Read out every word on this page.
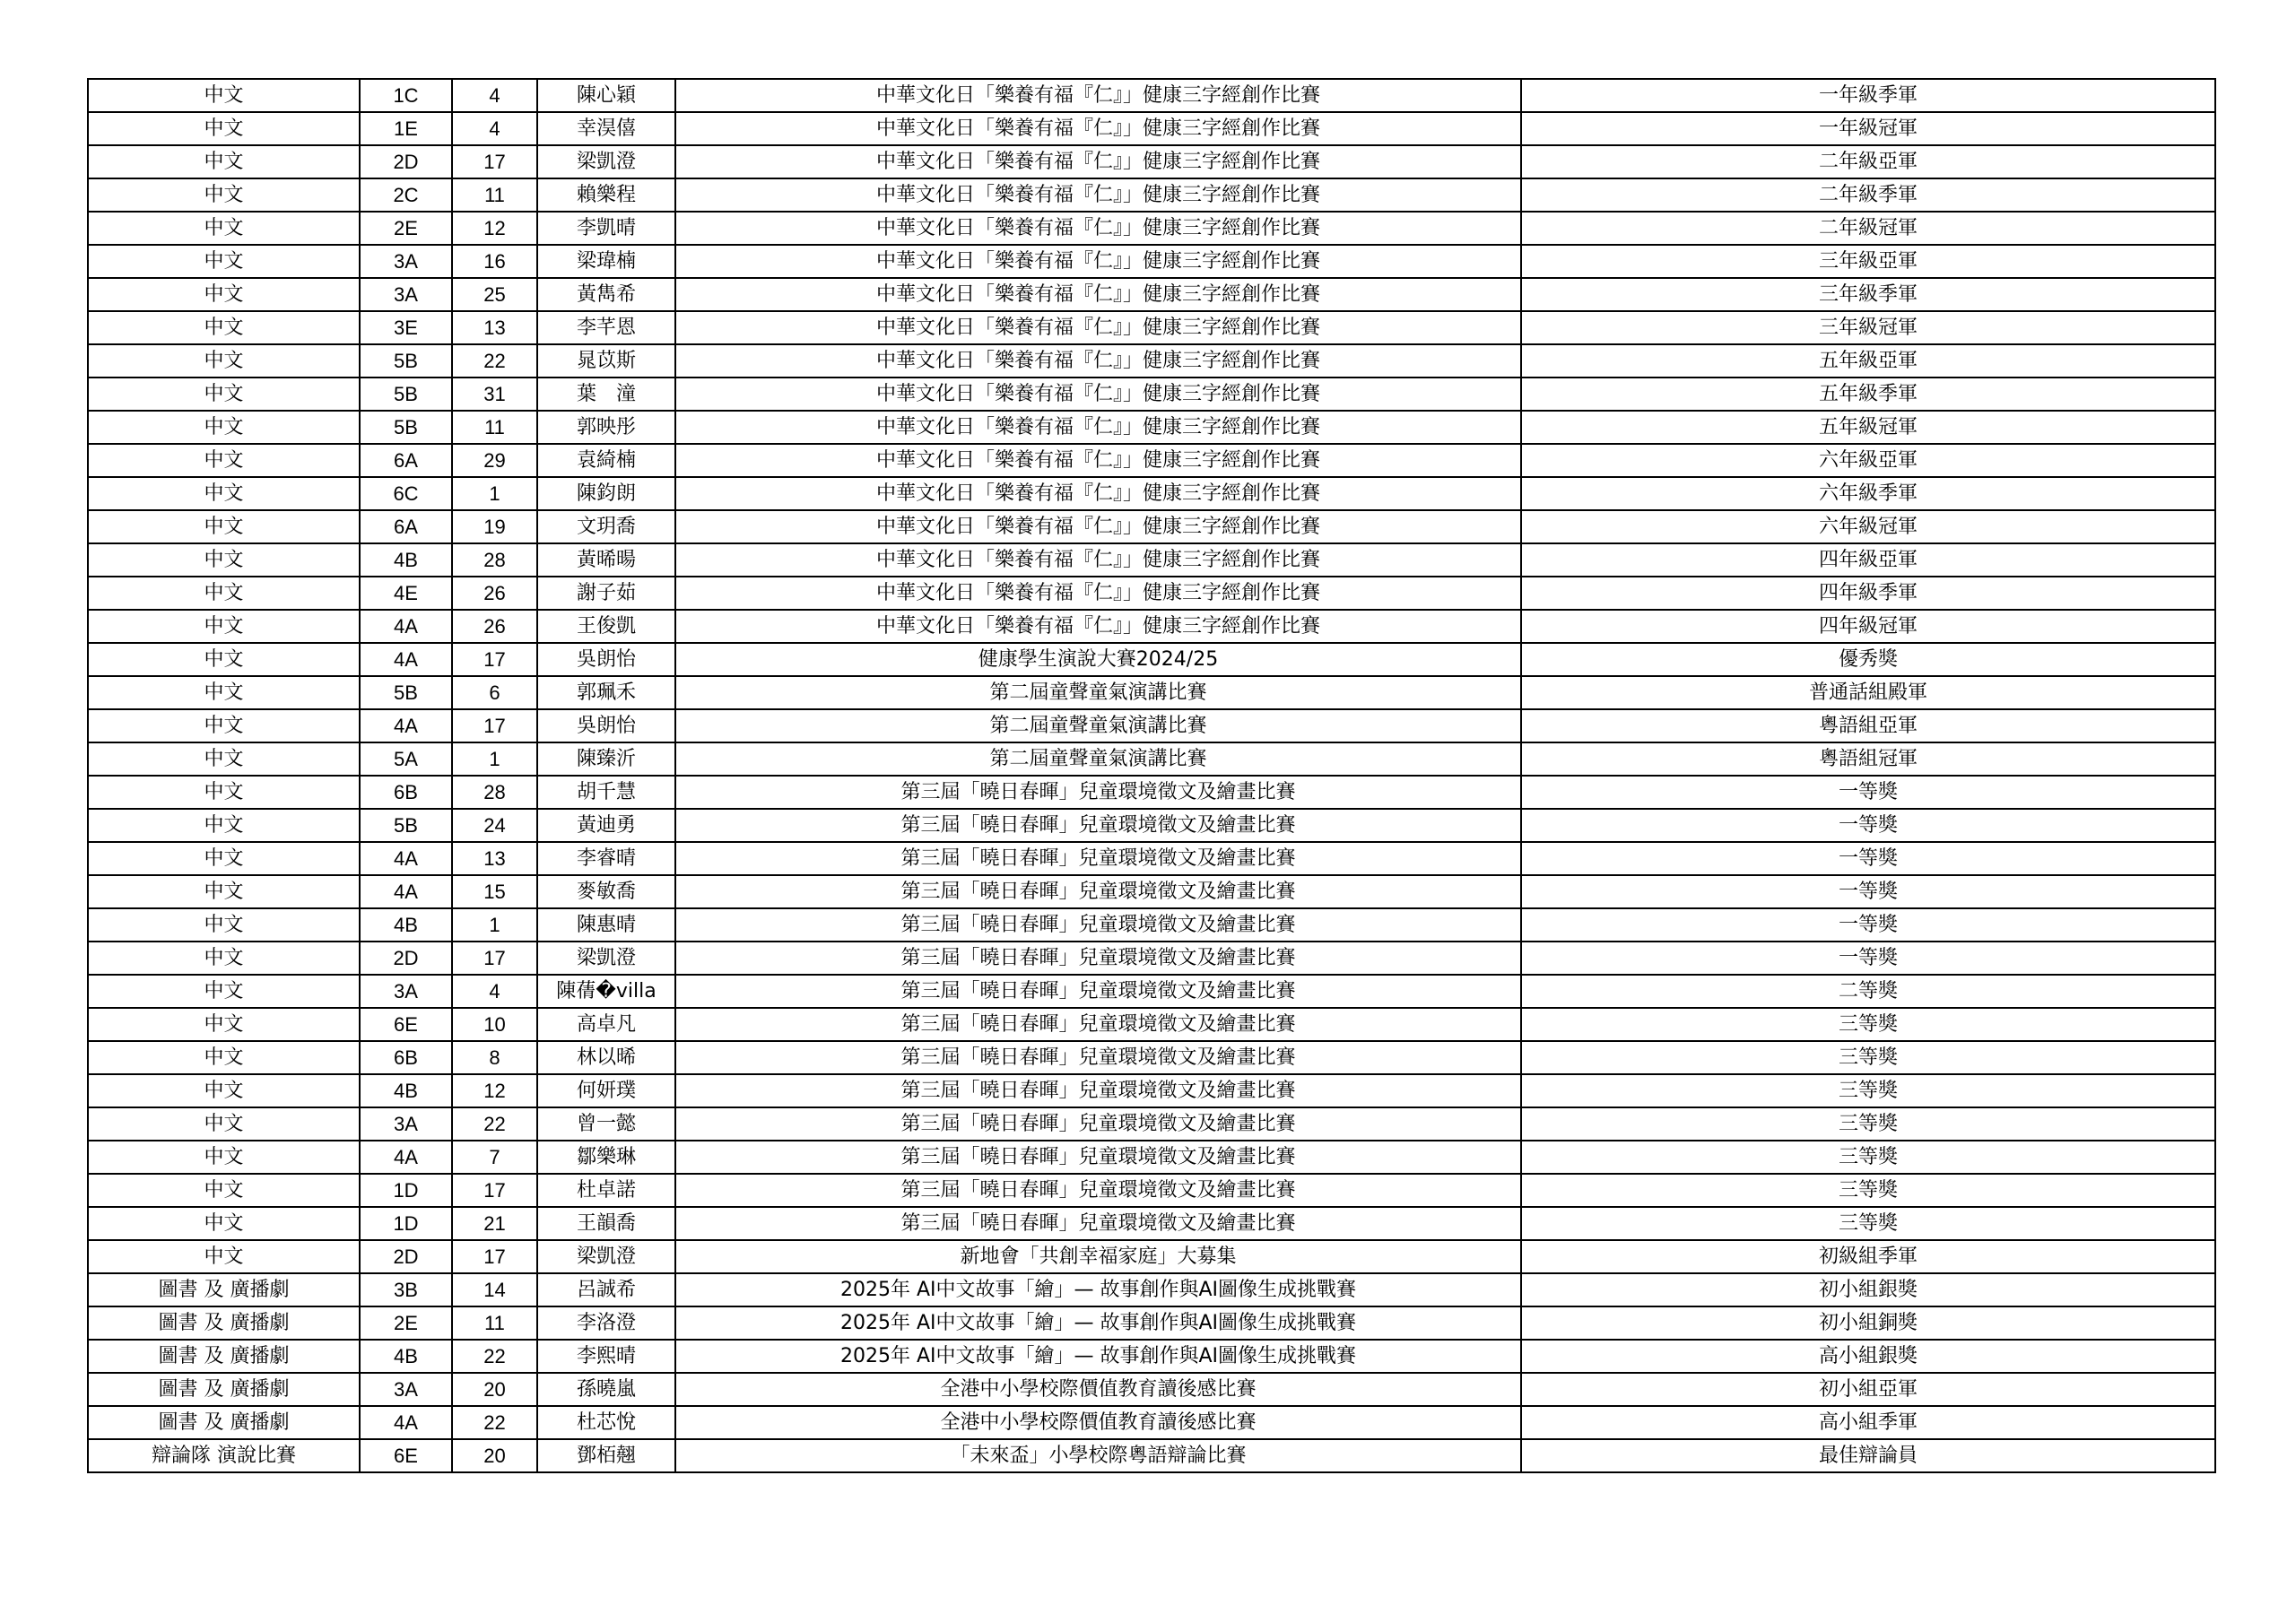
中文	1C	4	陳心穎	中華文化日「樂養有福『仁』」健康三字經創作比賽	一年級季軍
中文	1E	4	幸淏僖	中華文化日「樂養有福『仁』」健康三字經創作比賽	一年級冠軍
中文	2D	17	梁凱澄	中華文化日「樂養有福『仁』」健康三字經創作比賽	二年級亞軍
中文	2C	11	賴樂程	中華文化日「樂養有福『仁』」健康三字經創作比賽	二年級季軍
中文	2E	12	李凱晴	中華文化日「樂養有福『仁』」健康三字經創作比賽	二年級冠軍
中文	3A	16	梁瑋楠	中華文化日「樂養有福『仁』」健康三字經創作比賽	三年級亞軍
中文	3A	25	黃雋希	中華文化日「樂養有福『仁』」健康三字經創作比賽	三年級季軍
中文	3E	13	李芊恩	中華文化日「樂養有福『仁』」健康三字經創作比賽	三年級冠軍
中文	5B	22	晁苡斯	中華文化日「樂養有福『仁』」健康三字經創作比賽	五年級亞軍
中文	5B	31	葉　潼	中華文化日「樂養有福『仁』」健康三字經創作比賽	五年級季軍
中文	5B	11	郭映彤	中華文化日「樂養有福『仁』」健康三字經創作比賽	五年級冠軍
中文	6A	29	袁綺楠	中華文化日「樂養有福『仁』」健康三字經創作比賽	六年級亞軍
中文	6C	1	陳鈞朗	中華文化日「樂養有福『仁』」健康三字經創作比賽	六年級季軍
中文	6A	19	文玥喬	中華文化日「樂養有福『仁』」健康三字經創作比賽	六年級冠軍
中文	4B	28	黃晞暘	中華文化日「樂養有福『仁』」健康三字經創作比賽	四年級亞軍
中文	4E	26	謝子茹	中華文化日「樂養有福『仁』」健康三字經創作比賽	四年級季軍
中文	4A	26	王俊凱	中華文化日「樂養有福『仁』」健康三字經創作比賽	四年級冠軍
中文	4A	17	吳朗怡	健康學生演說大賽2024/25	優秀獎
中文	5B	6	郭珮禾	第二屆童聲童氣演講比賽	普通話組殿軍
中文	4A	17	吳朗怡	第二屆童聲童氣演講比賽	粵語組亞軍
中文	5A	1	陳臻沂	第二屆童聲童氣演講比賽	粵語組冠軍
中文	6B	28	胡千慧	第三屆「曉日春暉」兒童環境徵文及繪畫比賽	一等獎
中文	5B	24	黃迪勇	第三屆「曉日春暉」兒童環境徵文及繪畫比賽	一等獎
中文	4A	13	李睿晴	第三屆「曉日春暉」兒童環境徵文及繪畫比賽	一等獎
中文	4A	15	麥敏喬	第三屆「曉日春暉」兒童環境徵文及繪畫比賽	一等獎
中文	4B	1	陳惠晴	第三屆「曉日春暉」兒童環境徵文及繪畫比賽	一等獎
中文	2D	17	梁凱澄	第三屆「曉日春暉」兒童環境徵文及繪畫比賽	一等獎
中文	3A	4	陳蒨�villa	第三屆「曉日春暉」兒童環境徵文及繪畫比賽	二等獎
中文	6E	10	高卓凡	第三屆「曉日春暉」兒童環境徵文及繪畫比賽	三等獎
中文	6B	8	林以晞	第三屆「曉日春暉」兒童環境徵文及繪畫比賽	三等獎
中文	4B	12	何妍璞	第三屆「曉日春暉」兒童環境徵文及繪畫比賽	三等獎
中文	3A	22	曾一懿	第三屆「曉日春暉」兒童環境徵文及繪畫比賽	三等獎
中文	4A	7	鄒樂琳	第三屆「曉日春暉」兒童環境徵文及繪畫比賽	三等獎
中文	1D	17	杜卓諾	第三屆「曉日春暉」兒童環境徵文及繪畫比賽	三等獎
中文	1D	21	王韻喬	第三屆「曉日春暉」兒童環境徵文及繪畫比賽	三等獎
中文	2D	17	梁凱澄	新地會「共創幸福家庭」大募集	初級組季軍
圖書 及 廣播劇	3B	14	呂誠希	2025年 AI中文故事「繪」— 故事創作與AI圖像生成挑戰賽	初小組銀獎
圖書 及 廣播劇	2E	11	李洛澄	2025年 AI中文故事「繪」— 故事創作與AI圖像生成挑戰賽	初小組銅獎
圖書 及 廣播劇	4B	22	李熙晴	2025年 AI中文故事「繪」— 故事創作與AI圖像生成挑戰賽	高小組銀獎
圖書 及 廣播劇	3A	20	孫曉嵐	全港中小學校際價值教育讀後感比賽	初小組亞軍
圖書 及 廣播劇	4A	22	杜芯悅	全港中小學校際價值教育讀後感比賽	高小組季軍
辯論隊 演說比賽	6E	20	鄧栢翹	「未來盃」小學校際粵語辯論比賽	最佳辯論員
